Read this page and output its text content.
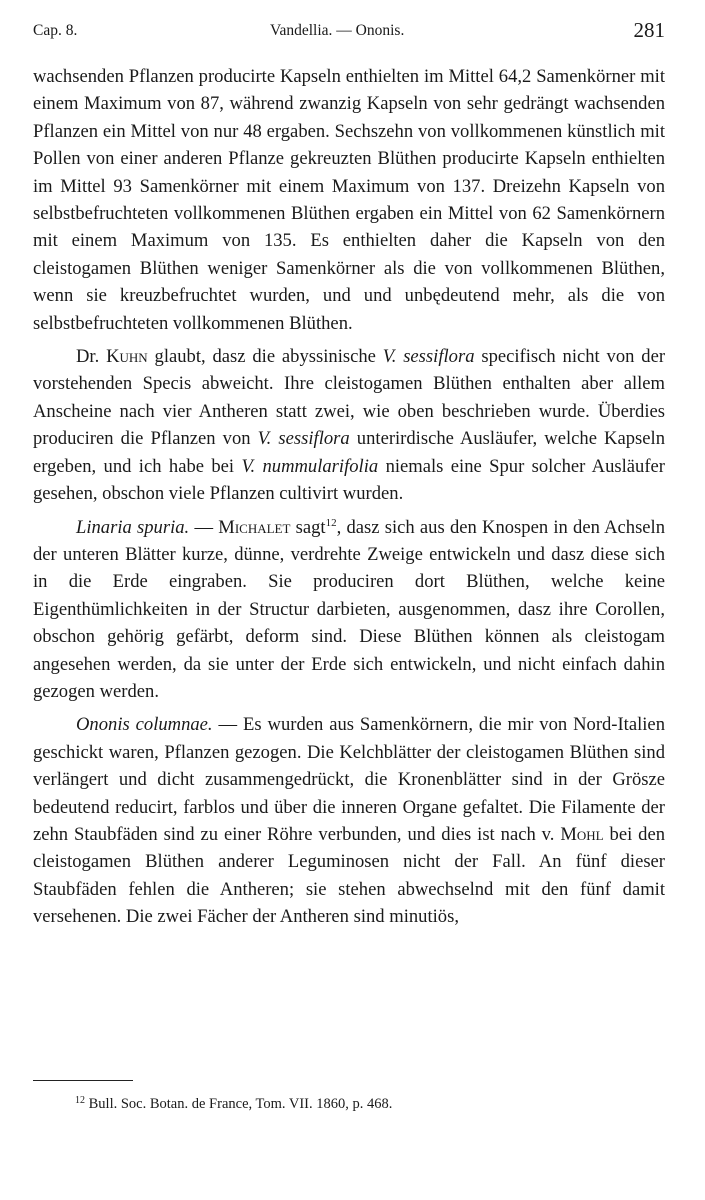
Cap. 8.	Vandellia. — Ononis.	281

wachsenden Pflanzen producirte Kapseln enthielten im Mittel 64,2 Samenkörner mit einem Maximum von 87, während zwanzig Kapseln von sehr gedrängt wachsenden Pflanzen ein Mittel von nur 48 ergaben. Sechszehn von vollkommenen künstlich mit Pollen von einer anderen Pflanze gekreuzten Blüthen producirte Kapseln enthielten im Mittel 93 Samenkörner mit einem Maximum von 137. Dreizehn Kapseln von selbstbefruchteten vollkommenen Blüthen ergaben ein Mittel von 62 Samenkörnern mit einem Maximum von 135. Es enthielten daher die Kapseln von den cleistogamen Blüthen weniger Samenkörner als die von vollkommenen Blüthen, wenn sie kreuzbefruchtet wurden, und und unbędeutend mehr, als die von selbstbefruchteten vollkommenen Blüthen.

Dr. Kuhn glaubt, dasz die abyssinische V. sessiflora specifisch nicht von der vorstehenden Specis abweicht. Ihre cleistogamen Blüthen enthalten aber allem Anscheine nach vier Antheren statt zwei, wie oben beschrieben wurde. Überdies produciren die Pflanzen von V. sessiflora unterirdische Ausläufer, welche Kapseln ergeben, und ich habe bei V. nummularifolia niemals eine Spur solcher Ausläufer gesehen, obschon viele Pflanzen cultivirt wurden.

Linaria spuria. — Michalet sagt$^{12}$, dasz sich aus den Knospen in den Achseln der unteren Blätter kurze, dünne, verdrehte Zweige entwickeln und dasz diese sich in die Erde eingraben. Sie produciren dort Blüthen, welche keine Eigenthümlichkeiten in der Structur darbieten, ausgenommen, dasz ihre Corollen, obschon gehörig gefärbt, deform sind. Diese Blüthen können als cleistogam angesehen werden, da sie unter der Erde sich entwickeln, und nicht einfach dahin gezogen werden.

Ononis columnae. — Es wurden aus Samenkörnern, die mir von Nord-Italien geschickt waren, Pflanzen gezogen. Die Kelchblätter der cleistogamen Blüthen sind verlängert und dicht zusammengedrückt, die Kronenblätter sind in der Grösze bedeutend reducirt, farblos und über die inneren Organe gefaltet. Die Filamente der zehn Staubfäden sind zu einer Röhre verbunden, und dies ist nach v. Mohl bei den cleistogamen Blüthen anderer Leguminosen nicht der Fall. An fünf dieser Staubfäden fehlen die Antheren; sie stehen abwechselnd mit den fünf damit versehenen. Die zwei Fächer der Antheren sind minutiös,

$^{12}$ Bull. Soc. Botan. de France, Tom. VII. 1860, p. 468.
